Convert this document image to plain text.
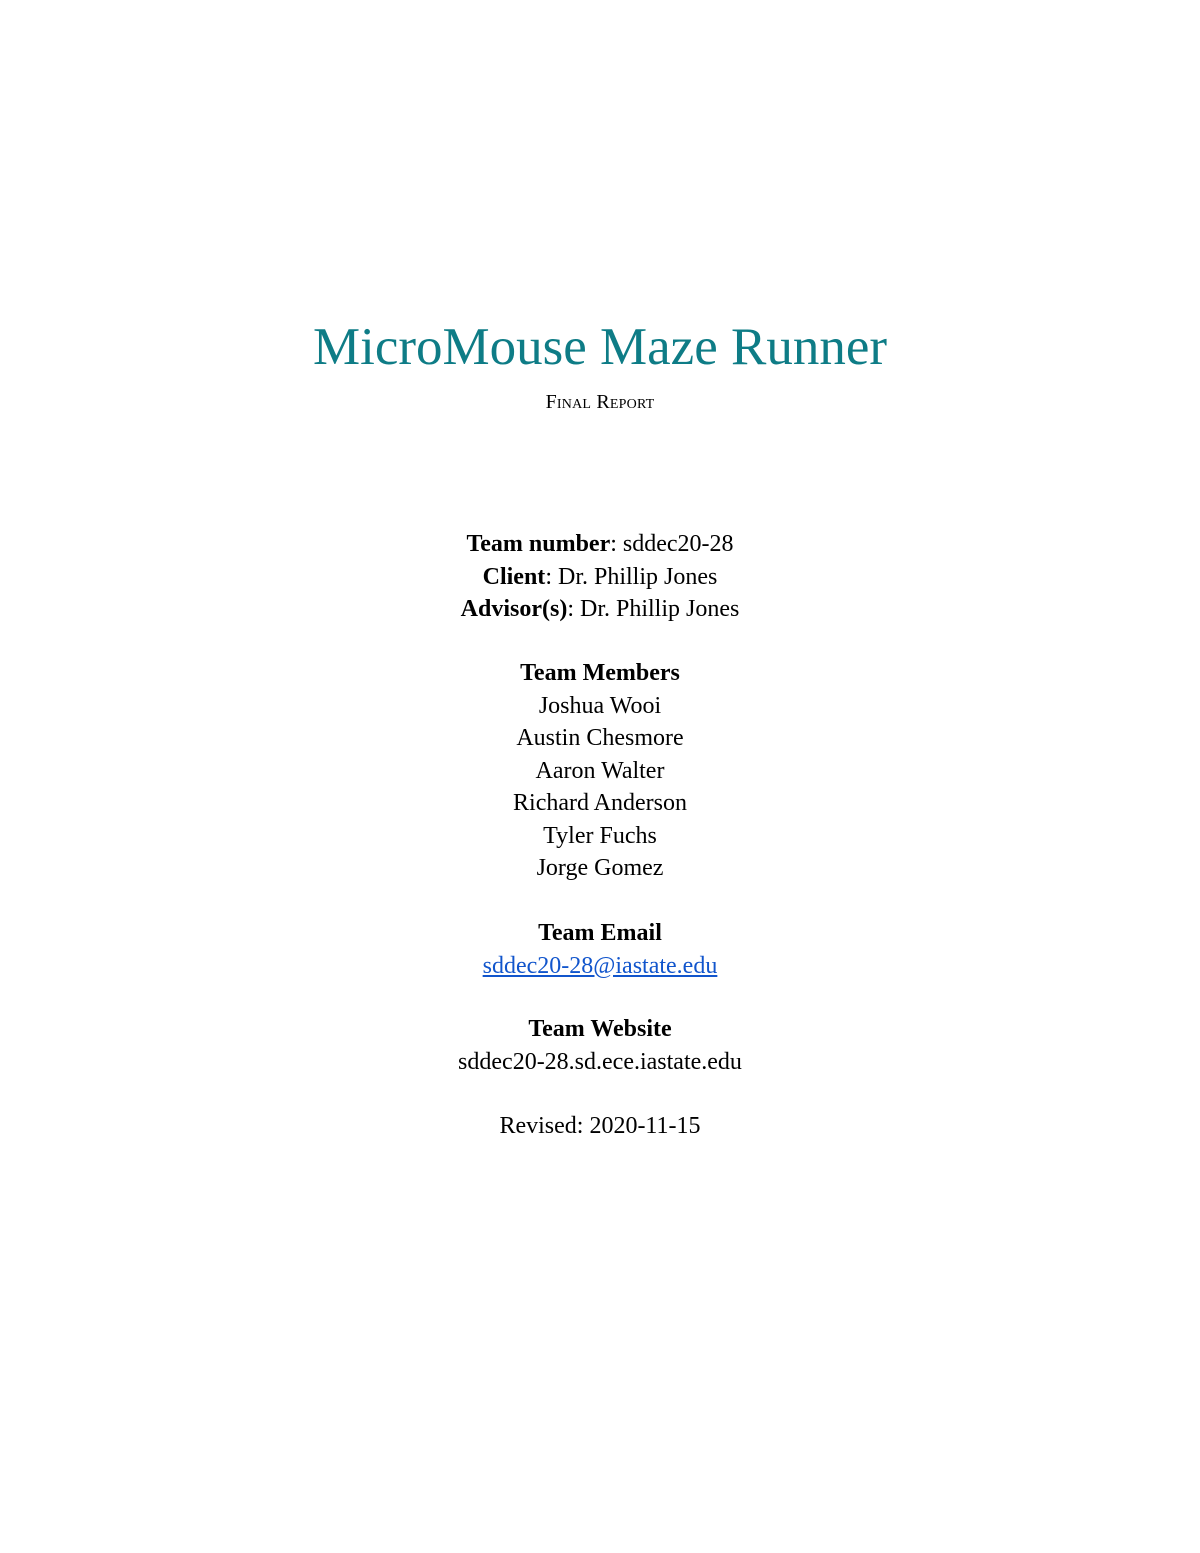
MicroMouse Maze Runner
Final Report
Team number: sddec20-28
Client: Dr. Phillip Jones
Advisor(s): Dr. Phillip Jones
Team Members
Joshua Wooi
Austin Chesmore
Aaron Walter
Richard Anderson
Tyler Fuchs
Jorge Gomez
Team Email
sddec20-28@iastate.edu
Team Website
sddec20-28.sd.ece.iastate.edu
Revised: 2020-11-15
